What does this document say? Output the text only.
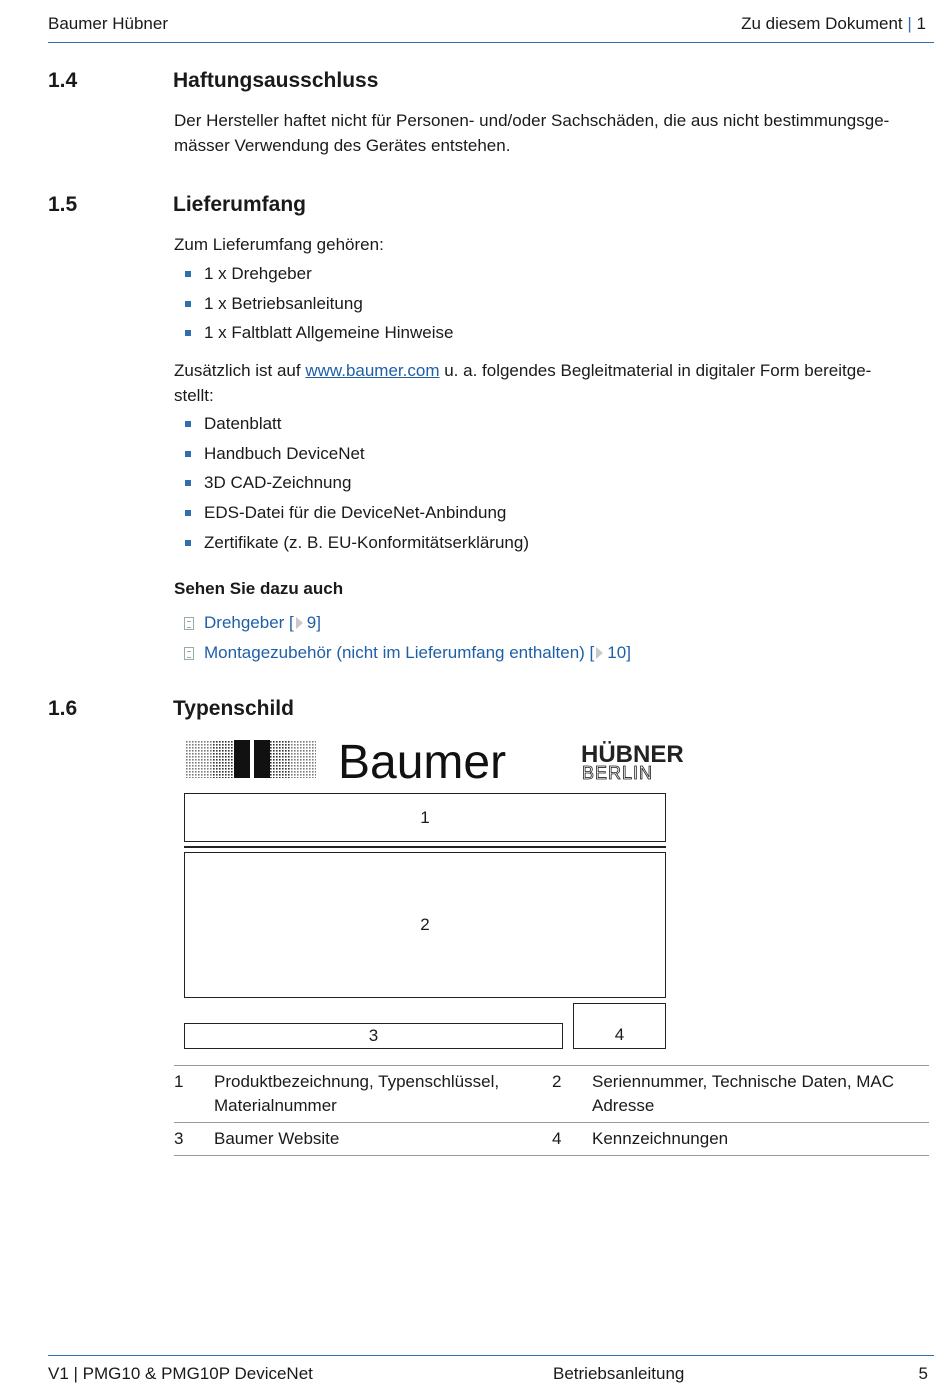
Baumer Hübner	Zu diesem Dokument | 1
1.4	Haftungsausschluss
Der Hersteller haftet nicht für Personen- und/oder Sachschäden, die aus nicht bestimmungsge-
mässer Verwendung des Gerätes entstehen.
1.5	Lieferumfang
Zum Lieferumfang gehören:
1 x Drehgeber
1 x Betriebsanleitung
1 x Faltblatt Allgemeine Hinweise
Zusätzlich ist auf www.baumer.com u. a. folgendes Begleitmaterial in digitaler Form bereitge-
stellt:
Datenblatt
Handbuch DeviceNet
3D CAD-Zeichnung
EDS-Datei für die DeviceNet-Anbindung
Zertifikate (z. B. EU-Konformitätserklärung)
Sehen Sie dazu auch
Drehgeber [ 9]
Montagezubehör (nicht im Lieferumfang enthalten) [ 10]
1.6	Typenschild
Baumer	HÜBNER
BERLIN
1
2
3	4
1	Produktbezeichnung, Typenschlüssel, Materialnummer	2	Seriennummer, Technische Daten, MAC Adresse
3	Baumer Website	4	Kennzeichnungen
V1 | PMG10 & PMG10P DeviceNet	Betriebsanleitung	5
